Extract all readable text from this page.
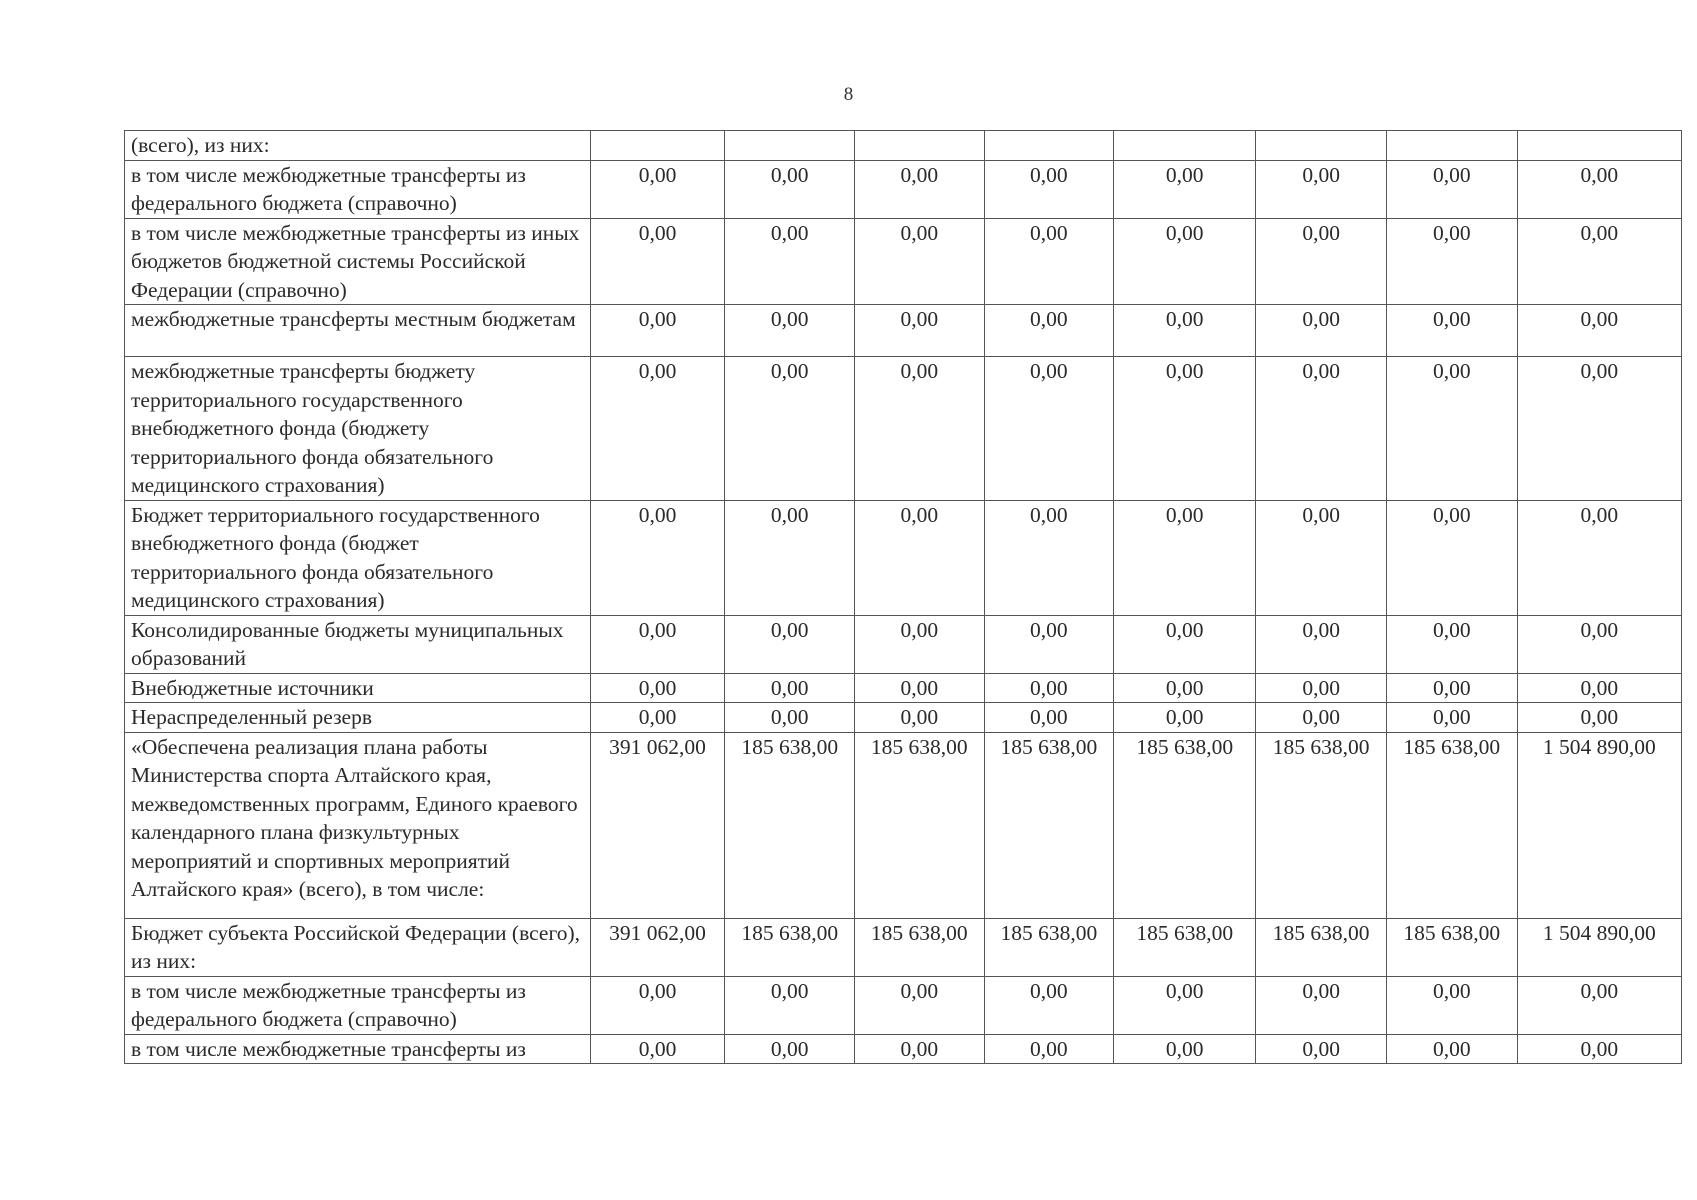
8
(всего), из них:								
в том числе межбюджетные трансферты из федерального бюджета (справочно)	0,00	0,00	0,00	0,00	0,00	0,00	0,00	0,00
в том числе межбюджетные трансферты из иных бюджетов бюджетной системы Российской Федерации (справочно)	0,00	0,00	0,00	0,00	0,00	0,00	0,00	0,00
межбюджетные трансферты местным бюджетам	0,00	0,00	0,00	0,00	0,00	0,00	0,00	0,00
межбюджетные трансферты бюджету территориального государственного внебюджетного фонда (бюджету территориального фонда обязательного медицинского страхования)	0,00	0,00	0,00	0,00	0,00	0,00	0,00	0,00
Бюджет территориального государственного внебюджетного фонда (бюджет территориального фонда обязательного медицинского страхования)	0,00	0,00	0,00	0,00	0,00	0,00	0,00	0,00
Консолидированные бюджеты муниципальных образований	0,00	0,00	0,00	0,00	0,00	0,00	0,00	0,00
Внебюджетные источники	0,00	0,00	0,00	0,00	0,00	0,00	0,00	0,00
Нераспределенный резерв	0,00	0,00	0,00	0,00	0,00	0,00	0,00	0,00
«Обеспечена реализация плана работы Министерства спорта Алтайского края, межведомственных программ, Единого краевого календарного плана физкультурных мероприятий и спортивных мероприятий Алтайского края» (всего), в том числе:	391 062,00	185 638,00	185 638,00	185 638,00	185 638,00	185 638,00	185 638,00	1 504 890,00
Бюджет субъекта Российской Федерации (всего), из них:	391 062,00	185 638,00	185 638,00	185 638,00	185 638,00	185 638,00	185 638,00	1 504 890,00
в том числе межбюджетные трансферты из федерального бюджета (справочно)	0,00	0,00	0,00	0,00	0,00	0,00	0,00	0,00
в том числе межбюджетные трансферты из	0,00	0,00	0,00	0,00	0,00	0,00	0,00	0,00
